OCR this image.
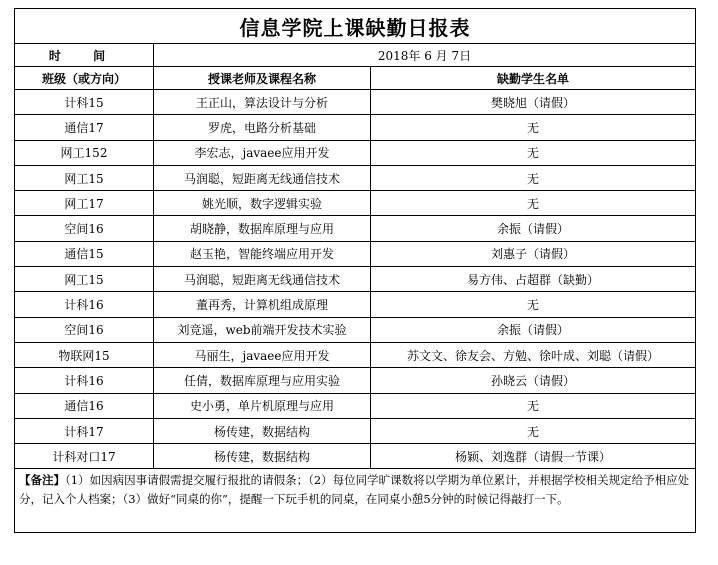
信息学院上课缺勤日报表		
时 间	2018年 6 月 7日	
班级（或方向）	授课老师及课程名称	缺勤学生名单
计科15	王正山，算法设计与分析	樊晓旭（请假）
通信17	罗虎，电路分析基础	无
网工152	李宏志，javaee应用开发	无
网工15	马润聪，短距离无线通信技术	无
网工17	姚光顺，数字逻辑实验	无
空间16	胡晓静，数据库原理与应用	余振（请假）
通信15	赵玉艳，智能终端应用开发	刘惠子（请假）
网工15	马润聪，短距离无线通信技术	易方伟、占超群（缺勤）
计科16	董再秀，计算机组成原理	无
空间16	刘竞遥，web前端开发技术实验	余振（请假）
物联网15	马丽生，javaee应用开发	苏文文、徐友会、方勉、徐叶成、刘聪（请假）
计科16	任倩，数据库原理与应用实验	孙晓云（请假）
通信16	史小勇，单片机原理与应用	无
计科17	杨传建，数据结构	无
计科对口17	杨传建，数据结构	杨颖、刘逸群（请假一节课）
【备注】（1）如因病因事请假需提交履行报批的请假条；（2）每位同学旷课数将以学期为单位累计，并根据学校相关规定给予相应处分，记入个人档案；（3）做好“同桌的你”，提醒一下玩手机的同桌，在同桌小憩5分钟的时候记得敲打一下。		
